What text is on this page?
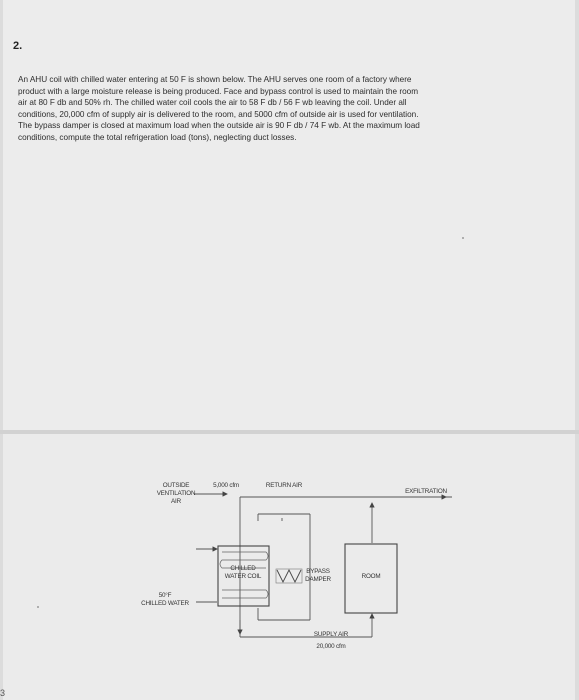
2.
An AHU coil with chilled water entering at 50 F is shown below. The AHU serves one room of a factory where
product with a large moisture release is being produced. Face and bypass control is used to maintain the room
air at 80 F db and 50% rh. The chilled water coil cools the air to 58 F db / 56 F wb leaving the coil. Under all
conditions, 20,000 cfm of supply air is delivered to the room, and 5000 cfm of outside air is used for ventilation.
The bypass damper is closed at maximum load when the outside air is 90 F db / 74 F wb. At the maximum load
conditions, compute the total refrigeration load (tons), neglecting duct losses.
OUTSIDE
VENTILATION
AIR
5,000 cfm	RETURN AIR
EXFILTRATION
CHILLED
WATER COIL
BYPASS
DAMPER	ROOM
50°F
CHILLED WATER
SUPPLY AIR
20,000 cfm
3
